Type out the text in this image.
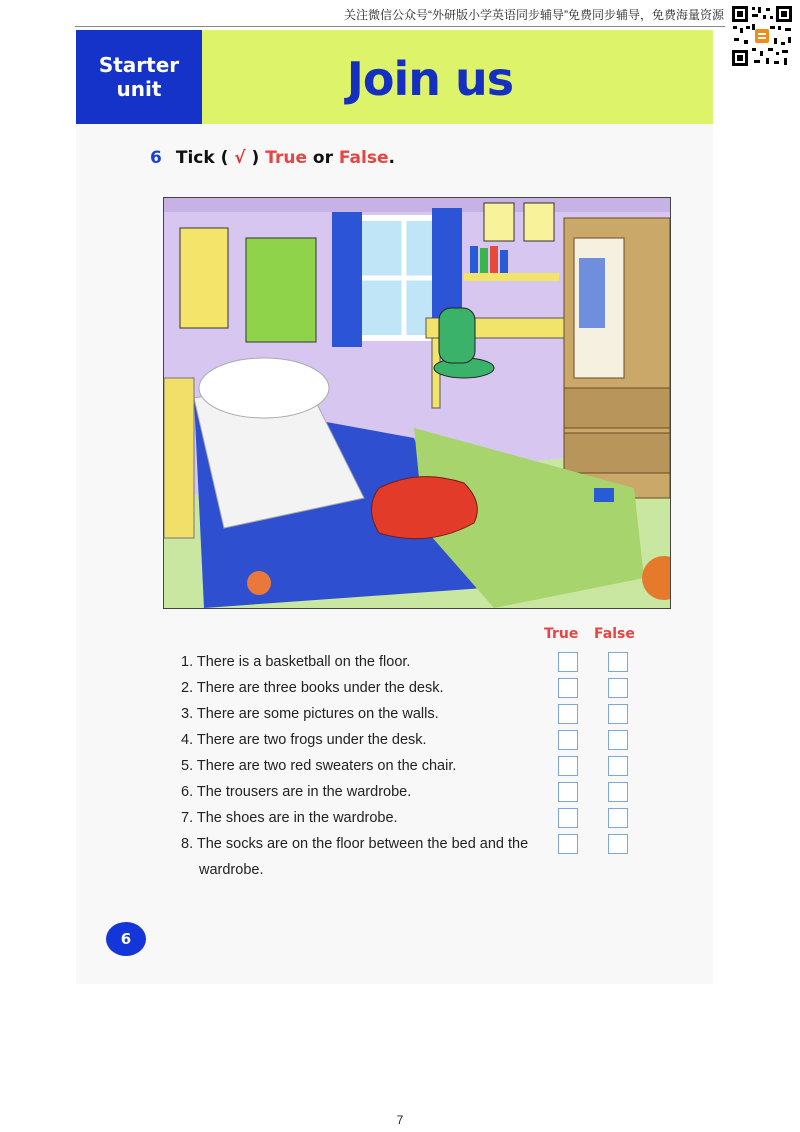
关注微信公众号“外研版小学英语同步辅导”免费同步辅导，免费海量资源
Starter
unit	Join us
6 Tick ( √ ) True or False.
True False
1. There is a basketball on the floor.
2. There are three books under the desk.
3. There are some pictures on the walls.
4. There are two frogs under the desk.
5. There are two red sweaters on the chair.
6. The trousers are in the wardrobe.
7. The shoes are in the wardrobe.
8. The socks are on the floor between the bed and the
wardrobe.
6
7
